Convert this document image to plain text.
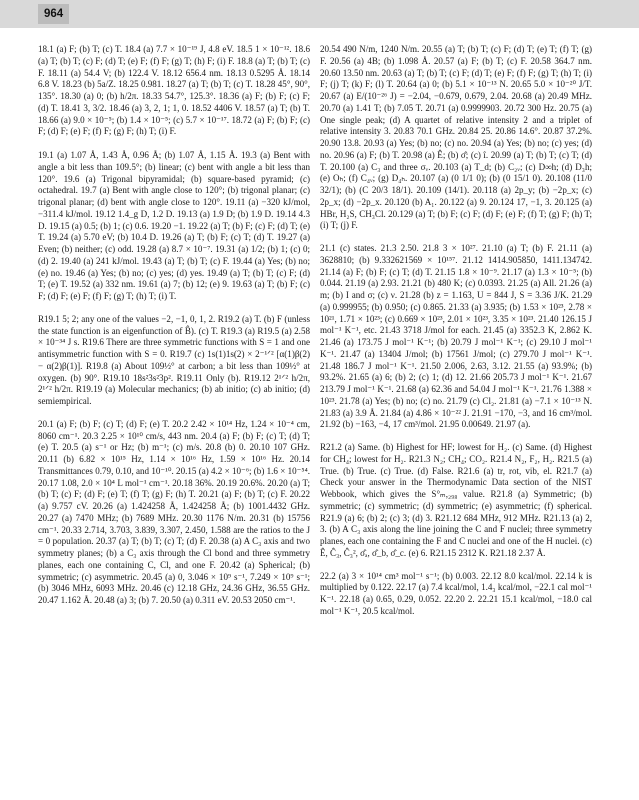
964

18.1 (a) F; (b) T; (c) T. 18.4 (a) 7.7 × 10⁻¹⁹ J, 4.8 eV. 18.5 1 × 10⁻¹². 18.6 (a) T; (b) T; (c) F; (d) T; (e) F; (f) F; (g) T; (h) F; (i) F. 18.8 (a) T; (b) T; (c) F. 18.11 (a) 54.4 V; (b) 122.4 V. 18.12 656.4 nm. 18.13 0.5295 Å. 18.14 6.8 V. 18.23 (b) 5a/Z. 18.25 0.981. 18.27 (a) T; (b) T; (c) T. 18.28 45°, 90°, 135°. 18.30 (a) 0; (b) h/2π. 18.33 54.7°, 125.3°. 18.36 (a) F; (b) F; (c) F; (d) T. 18.41 3, 3/2. 18.46 (a) 3, 2, 1; 1, 0. 18.52 4406 V. 18.57 (a) T; (b) T. 18.66 (a) 9.0 × 10⁻⁵; (b) 1.4 × 10⁻⁵; (c) 5.7 × 10⁻¹⁷. 18.72 (a) F; (b) F; (c) F; (d) F; (e) F; (f) F; (g) F; (h) T; (i) F.

19.1 (a) 1.07 Å, 1.43 Å, 0.96 Å; (b) 1.07 Å, 1.15 Å. 19.3 (a) Bent with angle a bit less than 109.5°; (b) linear; (c) bent with angle a bit less than 120°. 19.6 (a) Trigonal bipyramidal; (b) square-based pyramid; (c) octahedral. 19.7 (a) Bent with angle close to 120°; (b) trigonal planar; (c) trigonal planar; (d) bent with angle close to 120°. 19.11 (a) −320 kJ/mol, −311.4 kJ/mol. 19.12 1.4_g D, 1.2 D. 19.13 (a) 1.9 D; (b) 1.9 D. 19.14 4.3 D. 19.15 (a) 0.5; (b) 1; (c) 0.6. 19.20 −1. 19.22 (a) T; (b) F; (c) F; (d) T; (e) T. 19.24 (a) 5.70 eV; (b) 10.4 D. 19.26 (a) T; (b) F; (c) T; (d) T. 19.27 (a) Even; (b) neither; (c) odd. 19.28 (a) 8.7 × 10⁻⁷. 19.31 (a) 1/2; (b) 1; (c) 0; (d) 2. 19.40 (a) 241 kJ/mol. 19.43 (a) T; (b) T; (c) F. 19.44 (a) Yes; (b) no; (e) no. 19.46 (a) Yes; (b) no; (c) yes; (d) yes. 19.49 (a) T; (b) T; (c) F; (d) T; (e) T. 19.52 (a) 332 nm. 19.61 (a) 7; (b) 12; (e) 9. 19.63 (a) T; (b) F; (c) F; (d) F; (e) F; (f) F; (g) T; (h) T; (i) T.

R19.1 5; 2; any one of the values −2, −1, 0, 1, 2. R19.2 (a) T. (b) F (unless the state function is an eigenfunction of B̂). (c) T. R19.3 (a) R19.5 (a) 2.58 × 10⁻³⁴ J s. R19.6 There are three symmetric functions with S = 1 and one antisymmetric function with S = 0. R19.7 (c) 1s(1)1s(2) × 2⁻¹ᐟ² [α(1)β(2) − α(2)β(1)]. R19.8 (a) About 109½° at carbon; a bit less than 109½° at oxygen. (b) 90°. R19.10 18s²3s²3p². R19.11 Only (b). R19.12 2¹ᐟ² h/2π, 2¹ᐟ² h/2π. R19.19 (a) Molecular mechanics; (b) ab initio; (c) ab initio; (d) semiempirical.

20.1 (a) F; (b) F; (c) T; (d) F; (e) T. 20.2 2.42 × 10¹⁴ Hz, 1.24 × 10⁻⁴ cm, 8060 cm⁻¹. 20.3 2.25 × 10¹⁰ cm/s, 443 nm. 20.4 (a) F; (b) F; (c) T; (d) T; (e) T. 20.5 (a) s⁻¹ or Hz; (b) m⁻¹; (c) m/s. 20.8 (b) 0. 20.10 107 GHz. 20.11 (b) 6.82 × 10¹⁵ Hz, 1.14 × 10¹⁶ Hz, 1.59 × 10¹⁶ Hz. 20.14 Transmittances 0.79, 0.10, and 10⁻¹⁰. 20.15 (a) 4.2 × 10⁻⁶; (b) 1.6 × 10⁻⁵⁴. 20.17 1.08, 2.0 × 10⁴ L mol⁻¹ cm⁻¹. 20.18 36%. 20.19 20.6%. 20.20 (a) T; (b) T; (c) F; (d) F; (e) T; (f) T; (g) F; (h) T. 20.21 (a) F; (b) T; (c) F. 20.22 (a) 9.757 cV. 20.26 (a) 1.424258 Å, 1.424258 Å; (b) 1001.4432 GHz. 20.27 (a) 7470 MHz; (b) 7689 MHz. 20.30 1176 N/m. 20.31 (b) 15756 cm⁻¹. 20.33 2.714, 3.703, 3.839, 3.307, 2.450, 1.588 are the ratios to the J = 0 population. 20.37 (a) T; (b) T; (c) T; (d) F. 20.38 (a) A C₃ axis and two symmetry planes; (b) a C₃ axis through the Cl bond and three symmetry planes, each one containing C, Cl, and one F. 20.42 (a) Spherical; (b) symmetric; (c) asymmetric. 20.45 (a) 0, 3.046 × 10⁹ s⁻¹, 7.249 × 10⁹ s⁻¹; (b) 3046 MHz, 6093 MHz. 20.46 (c) 12.18 GHz, 24.36 GHz, 36.55 GHz. 20.47 1.162 Å. 20.48 (a) 3; (b) 7. 20.50 (a) 0.311 eV. 20.53 2050 cm⁻¹.

20.54 490 N/m, 1240 N/m. 20.55 (a) T; (b) T; (c) F; (d) T; (e) T; (f) T; (g) F. 20.56 (a) 4B; (b) 1.098 Å. 20.57 (a) F; (b) T; (c) F. 20.58 364.7 nm. 20.60 13.50 nm. 20.63 (a) T; (b) T; (c) F; (d) T; (e) F; (f) F; (g) T; (h) T; (i) F; (j) T; (k) F; (l) T. 20.64 (a) 0; (b) 5.1 × 10⁻¹³ N. 20.65 5.0 × 10⁻²⁰ J/T. 20.67 (a) E/(10⁻²⁶ J) = −2.04, −0.679, 0.679, 2.04. 20.68 (a) 20.49 MHz. 20.70 (a) 1.41 T; (b) 7.05 T. 20.71 (a) 0.9999903. 20.72 300 Hz. 20.75 (a) One single peak; (d) A quartet of relative intensity 2 and a triplet of relative intensity 3. 20.83 70.1 GHz. 20.84 25. 20.86 14.6°. 20.87 37.2%. 20.90 13.8. 20.93 (a) Yes; (b) no; (c) no. 20.94 (a) Yes; (b) no; (c) yes; (d) no. 20.96 (a) F; (b) T. 20.98 (a) Ê; (b) σ̂; (c) î. 20.99 (a) T; (b) T; (c) T; (d) T. 20.100 (a) C₃ and three σᵥ. 20.103 (a) T_d; (b) C₂ᵥ; (c) D∞h; (d) D₃h; (e) Oₕ; (f) C₄ᵥ; (g) D₄ₕ. 20.107 (a) (0 1/1 0); (b) (0 15/1 0). 20.108 (11/0 32/1); (b) (C 20/3 18/1). 20.109 (14/1). 20.118 (a) 2p_y; (b) −2p_x; (c) 2p_x; (d) −2p_x. 20.120 (b) A₁. 20.122 (a) 9. 20.124 17, −1, 3. 20.125 (a) HBr, H₂S, CH₃Cl. 20.129 (a) T; (b) F; (c) F; (d) F; (e) F; (f) T; (g) F; (h) T; (i) T; (j) F.

21.1 (c) states. 21.3 2.50. 21.8 3 × 10²⁷. 21.10 (a) T; (b) F. 21.11 (a) 3628810; (b) 9.332621569 × 10¹⁵⁷. 21.12 1414.905850, 1411.134742. 21.14 (a) F; (b) F; (c) T; (d) T. 21.15 1.8 × 10⁻⁹. 21.17 (a) 1.3 × 10⁻⁵; (b) 0.044. 21.19 (a) 2.93. 21.21 (b) 480 K; (c) 0.0393. 21.25 (a) All. 21.26 (a) m; (b) I and σ; (c) ν. 21.28 (b) z = 1.163, U = 844 J, S = 3.36 J/K. 21.29 (a) 0.999955; (b) 0.950; (c) 0.865. 21.33 (a) 3.935; (b) 1.53 × 10²³, 2.78 × 10²¹, 1.71 × 10²³; (c) 0.669 × 10²³, 2.01 × 10²³, 3.35 × 10²³. 21.40 126.15 J mol⁻¹ K⁻¹, etc. 21.43 3718 J/mol for each. 21.45 (a) 3352.3 K, 2.862 K. 21.46 (a) 173.75 J mol⁻¹ K⁻¹; (b) 20.79 J mol⁻¹ K⁻¹; (c) 29.10 J mol⁻¹ K⁻¹. 21.47 (a) 13404 J/mol; (b) 17561 J/mol; (c) 279.70 J mol⁻¹ K⁻¹. 21.48 186.7 J mol⁻¹ K⁻¹. 21.50 2.006, 2.63, 3.12. 21.55 (a) 93.9%; (b) 93.2%. 21.65 (a) 6; (b) 2; (c) 1; (d) 12. 21.66 205.73 J mol⁻¹ K⁻¹. 21.67 213.79 J mol⁻¹ K⁻¹. 21.68 (a) 62.36 and 54.04 J mol⁻¹ K⁻¹. 21.76 1.388 × 10²³. 21.78 (a) Yes; (b) no; (c) no. 21.79 (c) Cl₂. 21.81 (a) −7.1 × 10⁻¹³ N. 21.83 (a) 3.9 Å. 21.84 (a) 4.86 × 10⁻²² J. 21.91 −170, −3, and 16 cm³/mol. 21.92 (b) −163, −4, 17 cm³/mol. 21.95 0.00649. 21.97 (a).

R21.2 (a) Same. (b) Highest for HF; lowest for H₂. (c) Same. (d) Highest for CH₄; lowest for H₂. R21.3 N₂; CH₄; CO₂. R21.4 N₂, F₂, H₂. R21.5 (a) True. (b) True. (c) True. (d) False. R21.6 (a) tr, rot, vib, el. R21.7 (a) Check your answer in the Thermodynamic Data section of the NIST Webbook, which gives the S°ₘ,₂₉₈ value. R21.8 (a) Symmetric; (b) symmetric; (c) symmetric; (d) symmetric; (e) asymmetric; (f) spherical. R21.9 (a) 6; (b) 2; (c) 3; (d) 3. R21.12 684 MHz, 912 MHz. R21.13 (a) 2, 3. (b) A C₃ axis along the line joining the C and F nuclei; three symmetry planes, each one containing the F and C nuclei and one of the H nuclei. (c) Ê, Ĉ₃, Ĉ₃², σ̂ₐ, σ̂_b, σ̂_c. (e) 6. R21.15 2312 K. R21.18 2.37 Å.

22.2 (a) 3 × 10¹⁴ cm³ mol⁻¹ s⁻¹; (b) 0.003. 22.12 8.0 kcal/mol. 22.14 k is multiplied by 0.122. 22.17 (a) 7.4 kcal/mol, 1.4₃ kcal/mol, −22.1 cal mol⁻¹ K⁻¹. 22.18 (a) 0.65, 0.29, 0.052. 22.20 2. 22.21 15.1 kcal/mol, −18.0 cal mol⁻¹ K⁻¹, 20.5 kcal/mol.
